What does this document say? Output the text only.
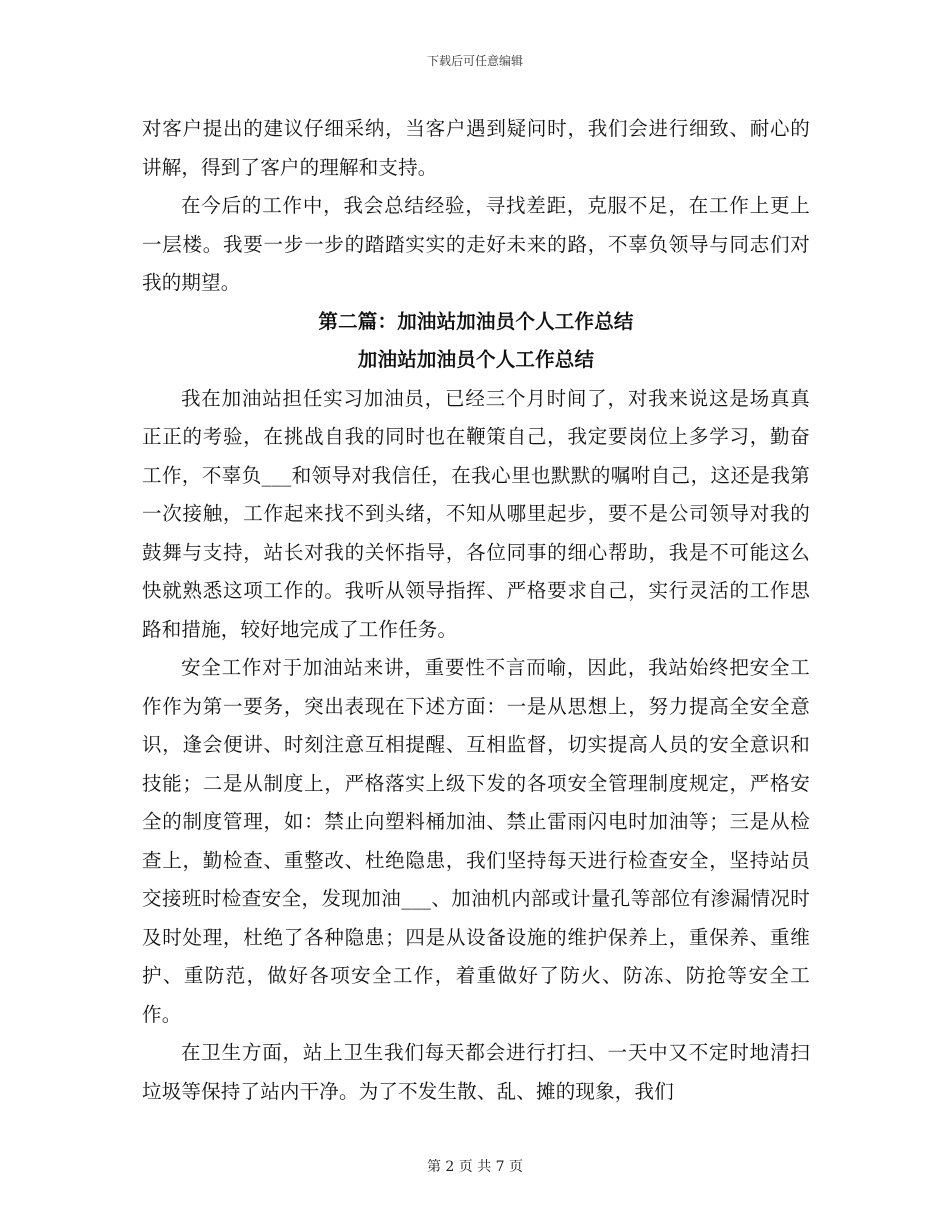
下载后可任意编辑

对客户提出的建议仔细采纳，当客户遇到疑问时，我们会进行细致、耐心的讲解，得到了客户的理解和支持。

在今后的工作中，我会总结经验，寻找差距，克服不足，在工作上更上一层楼。我要一步一步的踏踏实实的走好未来的路，不辜负领导与同志们对我的期望。

第二篇：加油站加油员个人工作总结
加油站加油员个人工作总结

我在加油站担任实习加油员，已经三个月时间了，对我来说这是场真真正正的考验，在挑战自我的同时也在鞭策自己，我定要岗位上多学习，勤奋工作，不辜负___和领导对我信任，在我心里也默默的嘱咐自己，这还是我第一次接触，工作起来找不到头绪，不知从哪里起步，要不是公司领导对我的鼓舞与支持，站长对我的关怀指导，各位同事的细心帮助，我是不可能这么快就熟悉这项工作的。我听从领导指挥、严格要求自己，实行灵活的工作思路和措施，较好地完成了工作任务。

安全工作对于加油站来讲，重要性不言而喻，因此，我站始终把安全工作作为第一要务，突出表现在下述方面：一是从思想上，努力提高全安全意识，逢会便讲、时刻注意互相提醒、互相监督，切实提高人员的安全意识和技能；二是从制度上，严格落实上级下发的各项安全管理制度规定，严格安全的制度管理，如：禁止向塑料桶加油、禁止雷雨闪电时加油等；三是从检查上，勤检查、重整改、杜绝隐患，我们坚持每天进行检查安全，坚持站员交接班时检查安全，发现加油___、加油机内部或计量孔等部位有渗漏情况时及时处理，杜绝了各种隐患；四是从设备设施的维护保养上，重保养、重维护、重防范，做好各项安全工作，着重做好了防火、防冻、防抢等安全工作。

在卫生方面，站上卫生我们每天都会进行打扫、一天中又不定时地清扫垃圾等保持了站内干净。为了不发生散、乱、摊的现象，我们

第 2 页 共 7 页
